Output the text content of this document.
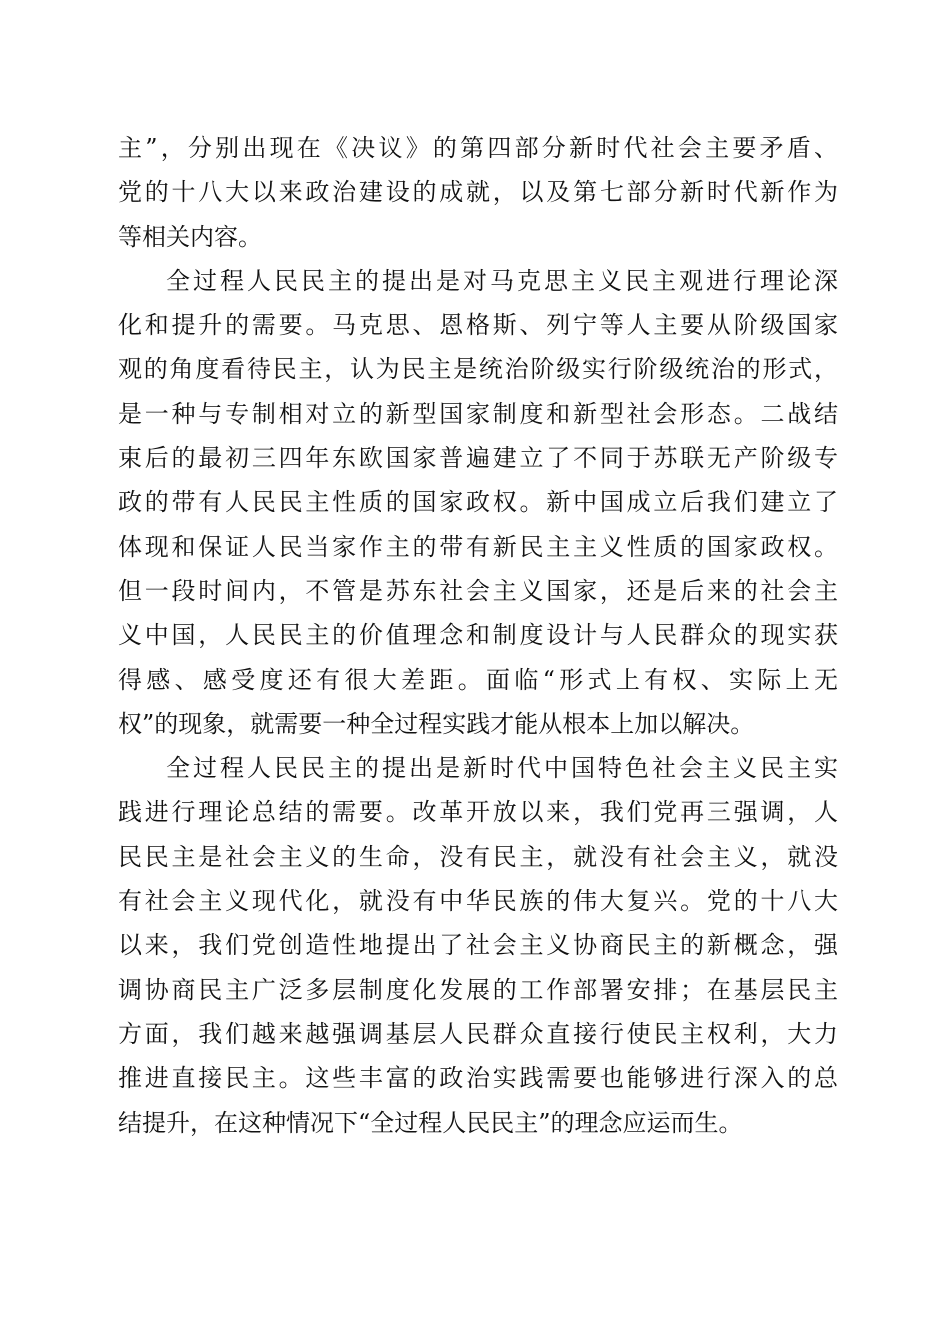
主”，分别出现在《决议》的第四部分新时代社会主要矛盾、
党的十八大以来政治建设的成就，以及第七部分新时代新作为
等相关内容。
全过程人民民主的提出是对马克思主义民主观进行理论深
化和提升的需要。马克思、恩格斯、列宁等人主要从阶级国家
观的角度看待民主，认为民主是统治阶级实行阶级统治的形式，
是一种与专制相对立的新型国家制度和新型社会形态。二战结
束后的最初三四年东欧国家普遍建立了不同于苏联无产阶级专
政的带有人民民主性质的国家政权。新中国成立后我们建立了
体现和保证人民当家作主的带有新民主主义性质的国家政权。
但一段时间内，不管是苏东社会主义国家，还是后来的社会主
义中国，人民民主的价值理念和制度设计与人民群众的现实获
得感、感受度还有很大差距。面临“形式上有权、实际上无
权”的现象，就需要一种全过程实践才能从根本上加以解决。
全过程人民民主的提出是新时代中国特色社会主义民主实
践进行理论总结的需要。改革开放以来，我们党再三强调，人
民民主是社会主义的生命，没有民主，就没有社会主义，就没
有社会主义现代化，就没有中华民族的伟大复兴。党的十八大
以来，我们党创造性地提出了社会主义协商民主的新概念，强
调协商民主广泛多层制度化发展的工作部署安排；在基层民主
方面，我们越来越强调基层人民群众直接行使民主权利，大力
推进直接民主。这些丰富的政治实践需要也能够进行深入的总
结提升，在这种情况下“全过程人民民主”的理念应运而生。
